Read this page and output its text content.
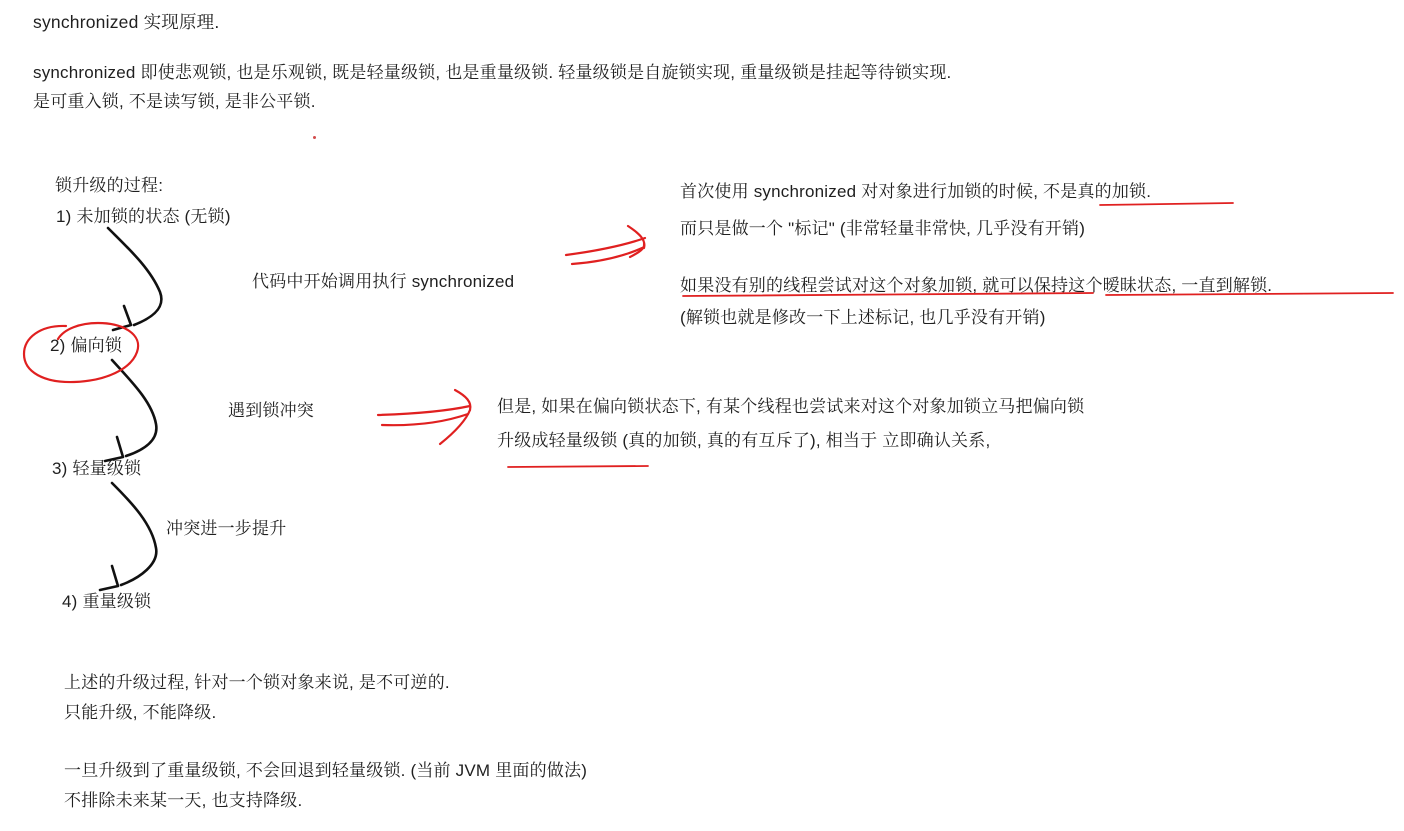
synchronized 实现原理.
synchronized 即使悲观锁, 也是乐观锁, 既是轻量级锁, 也是重量级锁. 轻量级锁是自旋锁实现, 重量级锁是挂起等待锁实现.
是可重入锁, 不是读写锁, 是非公平锁.
锁升级的过程:
1) 未加锁的状态 (无锁)
2) 偏向锁
3) 轻量级锁
4) 重量级锁
代码中开始调用执行 synchronized
遇到锁冲突
冲突进一步提升
首次使用 synchronized 对对象进行加锁的时候, 不是真的加锁.
而只是做一个 "标记" (非常轻量非常快, 几乎没有开销)
如果没有别的线程尝试对这个对象加锁, 就可以保持这个暧昧状态, 一直到解锁.
(解锁也就是修改一下上述标记, 也几乎没有开销)
但是, 如果在偏向锁状态下, 有某个线程也尝试来对这个对象加锁立马把偏向锁
升级成轻量级锁 (真的加锁, 真的有互斥了), 相当于 立即确认关系,
上述的升级过程, 针对一个锁对象来说, 是不可逆的.
只能升级, 不能降级.
一旦升级到了重量级锁, 不会回退到轻量级锁. (当前 JVM 里面的做法)
不排除未来某一天, 也支持降级.
